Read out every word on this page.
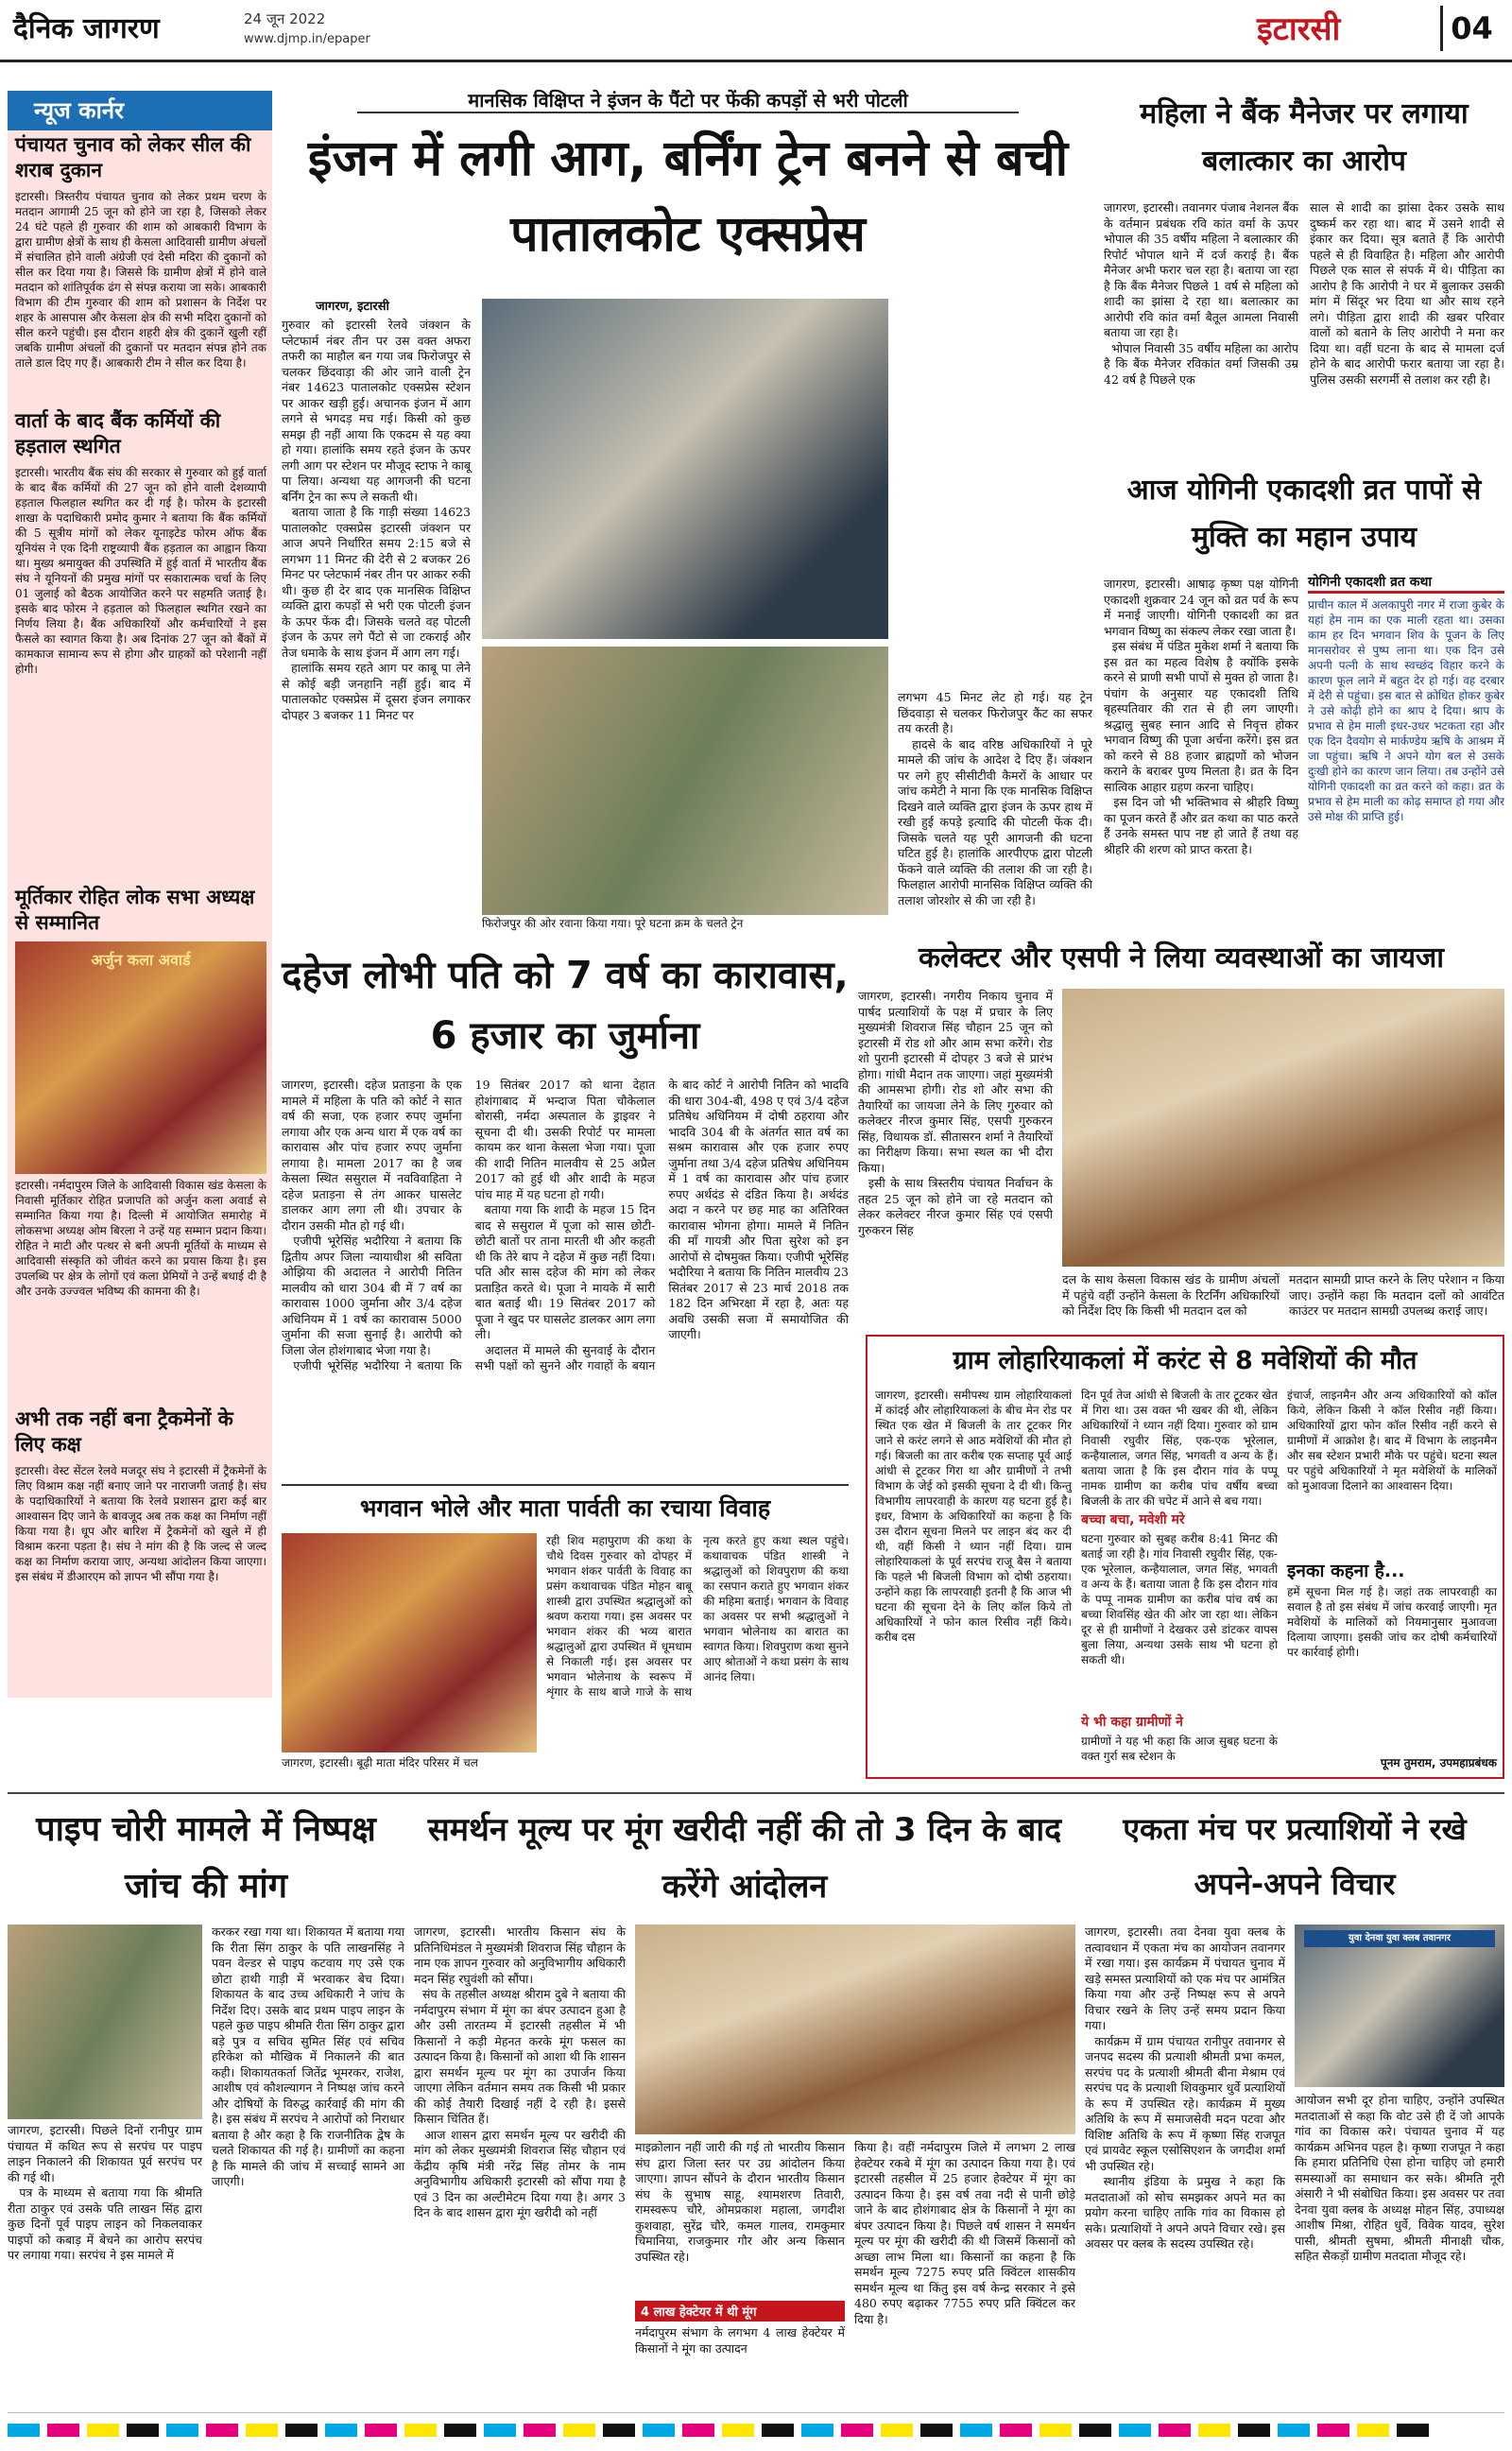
दैनिक जागरण	24 जून 2022
www.djmp.in/epaper	इटारसी	04
न्यूज कार्नर
पंचायत चुनाव को लेकर सील की शराब दुकान
इटारसी। त्रिस्तरीय पंचायत चुनाव को लेकर प्रथम चरण के मतदान आगामी 25 जून को होने जा रहा है, जिसको लेकर 24 घंटे पहले ही गुरुवार की शाम को आबकारी विभाग के द्वारा ग्रामीण क्षेत्रों के साथ ही केसला आदिवासी ग्रामीण अंचलों में संचालित होने वाली अंग्रेजी एवं देसी मदिरा की दुकानों को सील कर दिया गया है। जिससे कि ग्रामीण क्षेत्रों में होने वाले मतदान को शांतिपूर्वक ढंग से संपन्न कराया जा सके। आबकारी विभाग की टीम गुरुवार की शाम को प्रशासन के निर्देश पर शहर के आसपास और केसला क्षेत्र की सभी मदिरा दुकानों को सील करने पहुंची। इस दौरान शहरी क्षेत्र की दुकानें खुली रहीं जबकि ग्रामीण अंचलों की दुकानों पर मतदान संपन्न होने तक ताले डाल दिए गए हैं। आबकारी टीम ने सील कर दिया है।
वार्ता के बाद बैंक कर्मियों की हड़ताल स्थगित
इटारसी। भारतीय बैंक संघ की सरकार से गुरुवार को हुई वार्ता के बाद बैंक कर्मियों की 27 जून को होने वाली देशव्यापी हड़ताल फिलहाल स्थगित कर दी गई है। फोरम के इटारसी शाखा के पदाधिकारी प्रमोद कुमार ने बताया कि बैंक कर्मियों की 5 सूत्रीय मांगों को लेकर यूनाइटेड फोरम ऑफ बैंक यूनियंस ने एक दिनी राष्ट्रव्यापी बैंक हड़ताल का आह्वान किया था। मुख्य श्रमायुक्त की उपस्थिति में हुई वार्ता में भारतीय बैंक संघ ने यूनियनों की प्रमुख मांगों पर सकारात्मक चर्चा के लिए 01 जुलाई को बैठक आयोजित करने पर सहमति जताई है। इसके बाद फोरम ने हड़ताल को फिलहाल स्थगित रखने का निर्णय लिया है। बैंक अधिकारियों और कर्मचारियों ने इस फैसले का स्वागत किया है। अब दिनांक 27 जून को बैंकों में कामकाज सामान्य रूप से होगा और ग्राहकों को परेशानी नहीं होगी।
मूर्तिकार रोहित लोक सभा अध्यक्ष से सम्मानित
अर्जुन कला अवार्ड
इटारसी। नर्मदापुरम जिले के आदिवासी विकास खंड केसला के निवासी मूर्तिकार रोहित प्रजापति को अर्जुन कला अवार्ड से सम्मानित किया गया है। दिल्ली में आयोजित समारोह में लोकसभा अध्यक्ष ओम बिरला ने उन्हें यह सम्मान प्रदान किया। रोहित ने माटी और पत्थर से बनी अपनी मूर्तियों के माध्यम से आदिवासी संस्कृति को जीवंत करने का प्रयास किया है। इस उपलब्धि पर क्षेत्र के लोगों एवं कला प्रेमियों ने उन्हें बधाई दी है और उनके उज्ज्वल भविष्य की कामना की है।
अभी तक नहीं बना ट्रैकमेनों के लिए कक्ष
इटारसी। वेस्ट सेंटल रेलवे मजदूर संघ ने इटारसी में ट्रैकमेनों के लिए विश्राम कक्ष नहीं बनाए जाने पर नाराजगी जताई है। संघ के पदाधिकारियों ने बताया कि रेलवे प्रशासन द्वारा कई बार आश्वासन दिए जाने के बावजूद अब तक कक्ष का निर्माण नहीं किया गया है। धूप और बारिश में ट्रैकमेनों को खुले में ही विश्राम करना पड़ता है। संघ ने मांग की है कि जल्द से जल्द कक्ष का निर्माण कराया जाए, अन्यथा आंदोलन किया जाएगा। इस संबंध में डीआरएम को ज्ञापन भी सौंपा गया है।
मानसिक विक्षिप्त ने इंजन के पैंटो पर फेंकी कपड़ों से भरी पोटली
इंजन में लगी आग, बर्निंग ट्रेन बनने से बची पातालकोट एक्सप्रेस
जागरण, इटारसी
गुरुवार को इटारसी रेलवे जंक्शन के प्लेटफार्म नंबर तीन पर उस वक्त अफरा तफरी का माहौल बन गया जब फिरोजपुर से चलकर छिंदवाड़ा की ओर जाने वाली ट्रेन नंबर 14623 पातालकोट एक्सप्रेस स्टेशन पर आकर खड़ी हुई। अचानक इंजन में आग लगने से भगदड़ मच गई। किसी को कुछ समझ ही नहीं आया कि एकदम से यह क्या हो गया। हालांकि समय रहते इंजन के ऊपर लगी आग पर स्टेशन पर मौजूद स्टाफ ने काबू पा लिया। अन्यथा यह आगजनी की घटना बर्निंग ट्रेन का रूप ले सकती थी।
बताया जाता है कि गाड़ी संख्या 14623 पातालकोट एक्सप्रेस इटारसी जंक्शन पर आज अपने निर्धारित समय 2:15 बजे से लगभग 11 मिनट की देरी से 2 बजकर 26 मिनट पर प्लेटफार्म नंबर तीन पर आकर रुकी थी। कुछ ही देर बाद एक मानसिक विक्षिप्त व्यक्ति द्वारा कपड़ों से भरी एक पोटली इंजन के ऊपर फेंक दी। जिसके चलते वह पोटली इंजन के ऊपर लगे पैंटो से जा टकराई और तेज धमाके के साथ इंजन में आग लग गई।
हालांकि समय रहते आग पर काबू पा लेने से कोई बड़ी जनहानि नहीं हुई। बाद में पातालकोट एक्सप्रेस में दूसरा इंजन लगाकर दोपहर 3 बजकर 11 मिनट पर
फिरोजपुर की ओर रवाना किया गया। पूरे घटना क्रम के चलते ट्रेन
लगभग 45 मिनट लेट हो गई। यह ट्रेन छिंदवाड़ा से चलकर फिरोजपुर कैंट का सफर तय करती है।
हादसे के बाद वरिष्ठ अधिकारियों ने पूरे मामले की जांच के आदेश दे दिए हैं। जंक्शन पर लगे हुए सीसीटीवी कैमरों के आधार पर जांच कमेटी ने माना कि एक मानसिक विक्षिप्त दिखने वाले व्यक्ति द्वारा इंजन के ऊपर हाथ में रखी हुई कपड़े इत्यादि की पोटली फेंक दी। जिसके चलते यह पूरी आगजनी की घटना घटित हुई है। हालांकि आरपीएफ द्वारा पोटली फेंकने वाले व्यक्ति की तलाश की जा रही है। फिलहाल आरोपी मानसिक विक्षिप्त व्यक्ति की तलाश जोरशोर से की जा रही है।
महिला ने बैंक मैनेजर पर लगाया बलात्कार का आरोप
जागरण, इटारसी। तवानगर पंजाब नेशनल बैंक के वर्तमान प्रबंधक रवि कांत वर्मा के ऊपर भोपाल की 35 वर्षीय महिला ने बलात्कार की रिपोर्ट भोपाल थाने में दर्ज कराई है। बैंक मैनेजर अभी फरार चल रहा है। बताया जा रहा है कि बैंक मैनेजर पिछले 1 वर्ष से महिला को शादी का झांसा दे रहा था। बलात्कार का आरोपी रवि कांत वर्मा बैतूल आमला निवासी बताया जा रहा है।
भोपाल निवासी 35 वर्षीय महिला का आरोप है कि बैंक मैनेजर रविकांत वर्मा जिसकी उम्र 42 वर्ष है पिछले एक
साल से शादी का झांसा देकर उसके साथ दुष्कर्म कर रहा था। बाद में उसने शादी से इंकार कर दिया। सूत्र बताते हैं कि आरोपी पहले से ही विवाहित है। महिला और आरोपी पिछले एक साल से संपर्क में थे। पीड़िता का आरोप है कि आरोपी ने घर में बुलाकर उसकी मांग में सिंदूर भर दिया था और साथ रहने लगे। पीड़िता द्वारा शादी की खबर परिवार वालों को बताने के लिए आरोपी ने मना कर दिया था। वहीं घटना के बाद से मामला दर्ज होने के बाद आरोपी फरार बताया जा रहा है। पुलिस उसकी सरगर्मी से तलाश कर रही है।
आज योगिनी एकादशी व्रत पापों से मुक्ति का महान उपाय
जागरण, इटारसी। आषाढ़ कृष्ण पक्ष योगिनी एकादशी शुक्रवार 24 जून को व्रत पर्व के रूप में मनाई जाएगी। योगिनी एकादशी का व्रत भगवान विष्णु का संकल्प लेकर रखा जाता है।
इस संबंध में पंडित मुकेश शर्मा ने बताया कि इस व्रत का महत्व विशेष है क्योंकि इसके करने से प्राणी सभी पापों से मुक्त हो जाता है। पंचांग के अनुसार यह एकादशी तिथि बृहस्पतिवार की रात से ही लग जाएगी। श्रद्धालु सुबह स्नान आदि से निवृत्त होकर भगवान विष्णु की पूजा अर्चना करेंगे। इस व्रत को करने से 88 हजार ब्राह्मणों को भोजन कराने के बराबर पुण्य मिलता है। व्रत के दिन सात्विक आहार ग्रहण करना चाहिए।
इस दिन जो भी भक्तिभाव से श्रीहरि विष्णु का पूजन करते हैं और व्रत कथा का पाठ करते हैं उनके समस्त पाप नष्ट हो जाते हैं तथा वह श्रीहरि की शरण को प्राप्त करता है।
योगिनी एकादशी व्रत कथा
प्राचीन काल में अलकापुरी नगर में राजा कुबेर के यहां हेम नाम का एक माली रहता था। उसका काम हर दिन भगवान शिव के पूजन के लिए मानसरोवर से पुष्प लाना था। एक दिन उसे अपनी पत्नी के साथ स्वच्छंद विहार करने के कारण फूल लाने में बहुत देर हो गई। वह दरबार में देरी से पहुंचा। इस बात से क्रोधित होकर कुबेर ने उसे कोढ़ी होने का श्राप दे दिया। श्राप के प्रभाव से हेम माली इधर-उधर भटकता रहा और एक दिन दैवयोग से मार्कण्डेय ऋषि के आश्रम में जा पहुंचा। ऋषि ने अपने योग बल से उसके दुःखी होने का कारण जान लिया। तब उन्होंने उसे योगिनी एकादशी का व्रत करने को कहा। व्रत के प्रभाव से हेम माली का कोढ़ समाप्त हो गया और उसे मोक्ष की प्राप्ति हुई।
दहेज लोभी पति को 7 वर्ष का कारावास, 6 हजार का जुर्माना
जागरण, इटारसी। दहेज प्रताड़ना के एक मामले में महिला के पति को कोर्ट ने सात वर्ष की सजा, एक हजार रुपए जुर्माना लगाया और एक अन्य धारा में एक वर्ष का कारावास और पांच हजार रुपए जुर्माना लगाया है। मामला 2017 का है जब केसला स्थित ससुराल में नवविवाहिता ने दहेज प्रताड़ना से तंग आकर घासलेट डालकर आग लगा ली थी। उपचार के दौरान उसकी मौत हो गई थी।
एजीपी भूरेसिंह भदौरिया ने बताया कि द्वितीय अपर जिला न्यायाधीश श्री सविता ओझिया की अदालत ने आरोपी नितिन मालवीय को धारा 304 बी में 7 वर्ष का कारावास 1000 जुर्माना और 3/4 दहेज अधिनियम में 1 वर्ष का कारावास 5000 जुर्माना की सजा सुनाई है। आरोपी को जिला जेल होशंगाबाद भेजा गया है।
एजीपी भूरेसिंह भदौरिया ने बताया कि 19 सितंबर 2017 को थाना देहात होशंगाबाद में भन्दाज पिता चौकेलाल बोरासी, नर्मदा अस्पताल के ड्राइवर ने सूचना दी थी। उसकी रिपोर्ट पर मामला कायम कर थाना केसला भेजा गया। पूजा की शादी नितिन मालवीय से 25 अप्रैल 2017 को हुई थी और शादी के महज पांच माह में यह घटना हो गयी।
बताया गया कि शादी के महज 15 दिन बाद से ससुराल में पूजा को सास छोटी-छोटी बातों पर ताना मारती थी और कहती थी कि तेरे बाप ने दहेज में कुछ नहीं दिया। पति और सास दहेज की मांग को लेकर प्रताड़ित करते थे। पूजा ने मायके में सारी बात बताई थी। 19 सितंबर 2017 को पूजा ने खुद पर घासलेट डालकर आग लगा ली।
अदालत में मामले की सुनवाई के दौरान सभी पक्षों को सुनने और गवाहों के बयान के बाद कोर्ट ने आरोपी नितिन को भादवि की धारा 304-बी, 498 ए एवं 3/4 दहेज प्रतिषेध अधिनियम में दोषी ठहराया और भादवि 304 बी के अंतर्गत सात वर्ष का सश्रम कारावास और एक हजार रुपए जुर्माना तथा 3/4 दहेज प्रतिषेध अधिनियम में 1 वर्ष का कारावास और पांच हजार रुपए अर्थदंड से दंडित किया है। अर्थदंड अदा न करने पर छह माह का अतिरिक्त कारावास भोगना होगा। मामले में नितिन की माँ गायत्री और पिता सुरेश को इन आरोपों से दोषमुक्त किया। एजीपी भूरेसिंह भदौरिया ने बताया कि नितिन मालवीय 23 सितंबर 2017 से 23 मार्च 2018 तक 182 दिन अभिरक्षा में रहा है, अतः यह अवधि उसकी सजा में समायोजित की जाएगी।
कलेक्टर और एसपी ने लिया व्यवस्थाओं का जायजा
जागरण, इटारसी। नगरीय निकाय चुनाव में पार्षद प्रत्याशियों के पक्ष में प्रचार के लिए मुख्यमंत्री शिवराज सिंह चौहान 25 जून को इटारसी में रोड शो और आम सभा करेंगे। रोड शो पुरानी इटारसी में दोपहर 3 बजे से प्रारंभ होगा। गांधी मैदान तक जाएगा। जहां मुख्यमंत्री की आमसभा होगी। रोड शो और सभा की तैयारियों का जायजा लेने के लिए गुरुवार को कलेक्टर नीरज कुमार सिंह, एसपी गुरुकरन सिंह, विधायक डॉ. सीतासरन शर्मा ने तैयारियों का निरीक्षण किया। सभा स्थल का भी दौरा किया।
इसी के साथ त्रिस्तरीय पंचायत निर्वाचन के तहत 25 जून को होने जा रहे मतदान को लेकर कलेक्टर नीरज कुमार सिंह एवं एसपी गुरुकरन सिंह
दल के साथ केसला विकास खंड के ग्रामीण अंचलों में पहुंचे वहीं उन्होंने केसला के रिटर्निंग अधिकारियों को निर्देश दिए कि किसी भी मतदान दल को
मतदान सामग्री प्राप्त करने के लिए परेशान न किया जाए। उन्होंने कहा कि मतदान दलों को आवंटित काउंटर पर मतदान सामग्री उपलब्ध कराई जाए।
भगवान भोले और माता पार्वती का रचाया विवाह
जागरण, इटारसी। बूढ़ी माता मंदिर परिसर में चल
रही शिव महापुराण की कथा के चौथे दिवस गुरुवार को दोपहर में भगवान शंकर पार्वती के विवाह का प्रसंग कथावाचक पंडित मोहन बाबू शास्त्री द्वारा उपस्थित श्रद्धालुओं को श्रवण कराया गया। इस अवसर पर भगवान शंकर की भव्य बारात श्रद्धालुओं द्वारा उपस्थित में धूमधाम से निकाली गई। इस अवसर पर भगवान भोलेनाथ के स्वरूप में शृंगार के साथ बाजे गाजे के साथ नृत्य करते हुए कथा स्थल पहुंचे। कथावाचक पंडित शास्त्री ने श्रद्धालुओं को शिवपुराण की कथा का रसपान कराते हुए भगवान शंकर की महिमा बताई। भगवान के विवाह का अवसर पर सभी श्रद्धालुओं ने भगवान भोलेनाथ का बारात का स्वागत किया। शिवपुराण कथा सुनने आए श्रोताओं ने कथा प्रसंग के साथ आनंद लिया।
ग्राम लोहारियाकलां में करंट से 8 मवेशियों की मौत
जागरण, इटारसी। समीपस्थ ग्राम लोहारियाकलां में कांदई और लोहारियाकलां के बीच मेन रोड पर स्थित एक खेत में बिजली के तार टूटकर गिर जाने से करंट लगने से आठ मवेशियों की मौत हो गई। बिजली का तार करीब एक सप्ताह पूर्व आई आंधी से टूटकर गिरा था और ग्रामीणों ने तभी विभाग के जेई को इसकी सूचना दे दी थी। किन्तु विभागीय लापरवाही के कारण यह घटना हुई है। इधर, विभाग के अधिकारियों का कहना है कि उस दौरान सूचना मिलने पर लाइन बंद कर दी थी, वहीं किसी ने ध्यान नहीं दिया। ग्राम लोहारियाकलां के पूर्व सरपंच राजू बैस ने बताया कि पहले भी बिजली विभाग को दोषी ठहराया। उन्होंने कहा कि लापरवाही इतनी है कि आज भी घटना की सूचना देने के लिए कॉल किये तो अधिकारियों ने फोन काल रिसीव नहीं किये। करीब दस
दिन पूर्व तेज आंधी से बिजली के तार टूटकर खेत में गिरा था। उस वक्त भी खबर की थी, लेकिन अधिकारियों ने ध्यान नहीं दिया। गुरुवार को ग्राम निवासी रघुवीर सिंह, एक-एक भूरेलाल, कन्हैयालाल, जगत सिंह, भगवती व अन्य के हैं। बताया जाता है कि इस दौरान गांव के पप्पू नामक ग्रामीण का करीब पांच वर्षीय बच्चा बिजली के तार की चपेट में आने से बच गया।
बच्चा बचा, मवेशी मरे
घटना गुरुवार को सुबह करीब 8:41 मिनट की बताई जा रही है। गांव निवासी रघुवीर सिंह, एक-एक भूरेलाल, कन्हैयालाल, जगत सिंह, भगवती व अन्य के हैं। बताया जाता है कि इस दौरान गांव के पप्पू नामक ग्रामीण का करीब पांच वर्ष का बच्चा शिवसिंह खेत की ओर जा रहा था। लेकिन दूर से ही ग्रामीणों ने देखकर उसे डांटकर वापस बुला लिया, अन्यथा उसके साथ भी घटना हो सकती थी।
ये भी कहा ग्रामीणों ने
ग्रामीणों ने यह भी कहा कि आज सुबह घटना के वक्त गुर्रा सब स्टेशन के
इंचार्ज, लाइनमैन और अन्य अधिकारियों को कॉल किये, लेकिन किसी ने कॉल रिसीव नहीं किया। अधिकारियों द्वारा फोन कॉल रिसीव नहीं करने से ग्रामीणों में आक्रोश है। बाद में विभाग के लाइनमैन और सब स्टेशन प्रभारी मौके पर पहुंचे। घटना स्थल पर पहुंचे अधिकारियों ने मृत मवेशियों के मालिकों को मुआवजा दिलाने का आश्वासन दिया।
इनका कहना है...
हमें सूचना मिल गई है। जहां तक लापरवाही का सवाल है तो इस संबंध में जांच करवाई जाएगी। मृत मवेशियों के मालिकों को नियमानुसार मुआवजा दिलाया जाएगा। इसकी जांच कर दोषी कर्मचारियों पर कार्रवाई होगी।
पूनम तुमराम, उपमहाप्रबंधक
पाइप चोरी मामले में निष्पक्ष जांच की मांग
जागरण, इटारसी। पिछले दिनों रानीपुर ग्राम पंचायत में कथित रूप से सरपंच पर पाइप लाइन निकालने की शिकायत पूर्व सरपंच पर की गई थी।
पत्र के माध्यम से बताया गया कि श्रीमति रीता ठाकुर एवं उसके पति लाखन सिंह द्वारा कुछ दिनों पूर्व पाइप लाइन को निकलवाकर पाइपों को कबाड़ में बेचने का आरोप सरपंच पर लगाया गया। सरपंच ने इस मामले में
करकर रखा गया था। शिकायत में बताया गया कि रीता सिंग ठाकुर के पति लाखनसिंह ने पवन वेल्डर से पाइप कटवाय गए उसे एक छोटा हाथी गाड़ी में भरवाकर बेच दिया। शिकायत के बाद उच्च अधिकारी ने जांच के निर्देश दिए। उसके बाद प्रथम पाइप लाइन के पहले कुछ पाइप श्रीमति रीता सिंग ठाकुर द्वारा बड़े पुत्र व सचिव सुमित सिंह एवं सचिव हरिकेश को मौखिक में निकालने की बात कही। शिकायतकर्ता जितेंद्र भूमरकर, राजेश, आशीष एवं कौशल्यागन ने निष्पक्ष जांच करने और दोषियों के विरुद्ध कार्रवाई की मांग की है। इस संबंध में सरपंच ने आरोपों को निराधार बताया है और कहा है कि राजनीतिक द्वेष के चलते शिकायत की गई है। ग्रामीणों का कहना है कि मामले की जांच में सच्चाई सामने आ जाएगी।
समर्थन मूल्य पर मूंग खरीदी नहीं की तो 3 दिन के बाद करेंगे आंदोलन
जागरण, इटारसी। भारतीय किसान संघ के प्रतिनिधिमंडल ने मुख्यमंत्री शिवराज सिंह चौहान के नाम एक ज्ञापन गुरुवार को अनुविभागीय अधिकारी मदन सिंह रघुवंशी को सौंपा।
संघ के तहसील अध्यक्ष श्रीराम दुबे ने बताया की नर्मदापुरम संभाग में मूंग का बंपर उत्पादन हुआ है और उसी तारतम्य में इटारसी तहसील में भी किसानों ने कड़ी मेहनत करके मूंग फसल का उत्पादन किया है। किसानों को आशा थी कि शासन द्वारा समर्थन मूल्य पर मूंग का उपार्जन किया जाएगा लेकिन वर्तमान समय तक किसी भी प्रकार की कोई तैयारी दिखाई नहीं दे रही है। इससे किसान चिंतित हैं।
आज शासन द्वारा समर्थन मूल्य पर खरीदी की मांग को लेकर मुख्यमंत्री शिवराज सिंह चौहान एवं केंद्रीय कृषि मंत्री नरेंद्र सिंह तोमर के नाम अनुविभागीय अधिकारी इटारसी को सौंपा गया है एवं 3 दिन का अल्टीमेटम दिया गया है। अगर 3 दिन के बाद शासन द्वारा मूंग खरीदी को नहीं
माइक्रोलान नहीं जारी की गई तो भारतीय किसान संघ द्वारा जिला स्तर पर उग्र आंदोलन किया जाएगा। ज्ञापन सौंपने के दौरान भारतीय किसान संघ के सुभाष साहू, श्यामशरण तिवारी, रामस्वरूप चौरे, ओमप्रकाश महाला, जगदीश कुशवाहा, सुरेंद्र चौरे, कमल गालव, रामकुमार चिमानिया, राजकुमार गौर और अन्य किसान उपस्थित रहे।
4 लाख हेक्टेयर में थी मूंग
नर्मदापुरम संभाग के लगभग 4 लाख हेक्टेयर में किसानों ने मूंग का उत्पादन
किया है। वहीं नर्मदापुरम जिले में लगभग 2 लाख हेक्टेयर रकबे में मूंग का उत्पादन किया गया है। एवं इटारसी तहसील में 25 हजार हेक्टेयर में मूंग का उत्पादन किया है। इस वर्ष तवा नदी से पानी छोड़े जाने के बाद होशंगाबाद क्षेत्र के किसानों ने मूंग का बंपर उत्पादन किया है। पिछले वर्ष शासन ने समर्थन मूल्य पर मूंग की खरीदी की थी जिसमें किसानों को अच्छा लाभ मिला था। किसानों का कहना है कि समर्थन मूल्य 7275 रुपए प्रति क्विंटल शासकीय समर्थन मूल्य था किंतु इस वर्ष केन्द्र सरकार ने इसे 480 रुपए बढ़ाकर 7755 रुपए प्रति क्विंटल कर दिया है।
एकता मंच पर प्रत्याशियों ने रखे अपने-अपने विचार
जागरण, इटारसी। तवा देनवा युवा क्लब के तत्वावधान में एकता मंच का आयोजन तवानगर में रखा गया। इस कार्यक्रम में पंचायत चुनाव में खड़े समस्त प्रत्याशियों को एक मंच पर आमंत्रित किया गया और उन्हें निष्पक्ष रूप से अपने विचार रखने के लिए उन्हें समय प्रदान किया गया।
कार्यक्रम में ग्राम पंचायत रानीपुर तवानगर से जनपद सदस्य की प्रत्याशी श्रीमती प्रभा कमल, सरपंच पद के प्रत्याशी श्रीमती बीना मेश्राम एवं सरपंच पद के प्रत्याशी शिवकुमार धुर्वे प्रत्याशियों के रूप में उपस्थित रहे। कार्यक्रम में मुख्य अतिथि के रूप में समाजसेवी मदन पटवा और विशिष्ट अतिथि के रूप में कृष्णा सिंह राजपूत एवं प्रायवेट स्कूल एसोसिएशन के जगदीश शर्मा भी उपस्थित रहे।
स्थानीय इंडिया के प्रमुख ने कहा कि मतदाताओं को सोच समझकर अपने मत का प्रयोग करना चाहिए ताकि गांव का विकास हो सके। प्रत्याशियों ने अपने अपने विचार रखे। इस अवसर पर क्लब के सदस्य उपस्थित रहे।
युवा देनवा युवा क्लब तवानगर
आयोजन सभी दूर होना चाहिए, उन्होंने उपस्थित मतदाताओं से कहा कि वोट उसे ही दें जो आपके गांव का विकास करे। पंचायत चुनाव में यह कार्यक्रम अभिनव पहल है। कृष्णा राजपूत ने कहा कि हमारा प्रतिनिधि ऐसा होना चाहिए जो हमारी समस्याओं का समाधान कर सके। श्रीमति नूरी अंसारी ने भी संबोधित किया। इस अवसर पर तवा देनवा युवा क्लब के अध्यक्ष मोहन सिंह, उपाध्यक्ष आशीष मिश्रा, रोहित धुर्वे, विवेक यादव, सुरेश पासी, श्रीमती सुषमा, श्रीमती मीनाक्षी चौक, सहित सैकड़ों ग्रामीण मतदाता मौजूद रहे।
